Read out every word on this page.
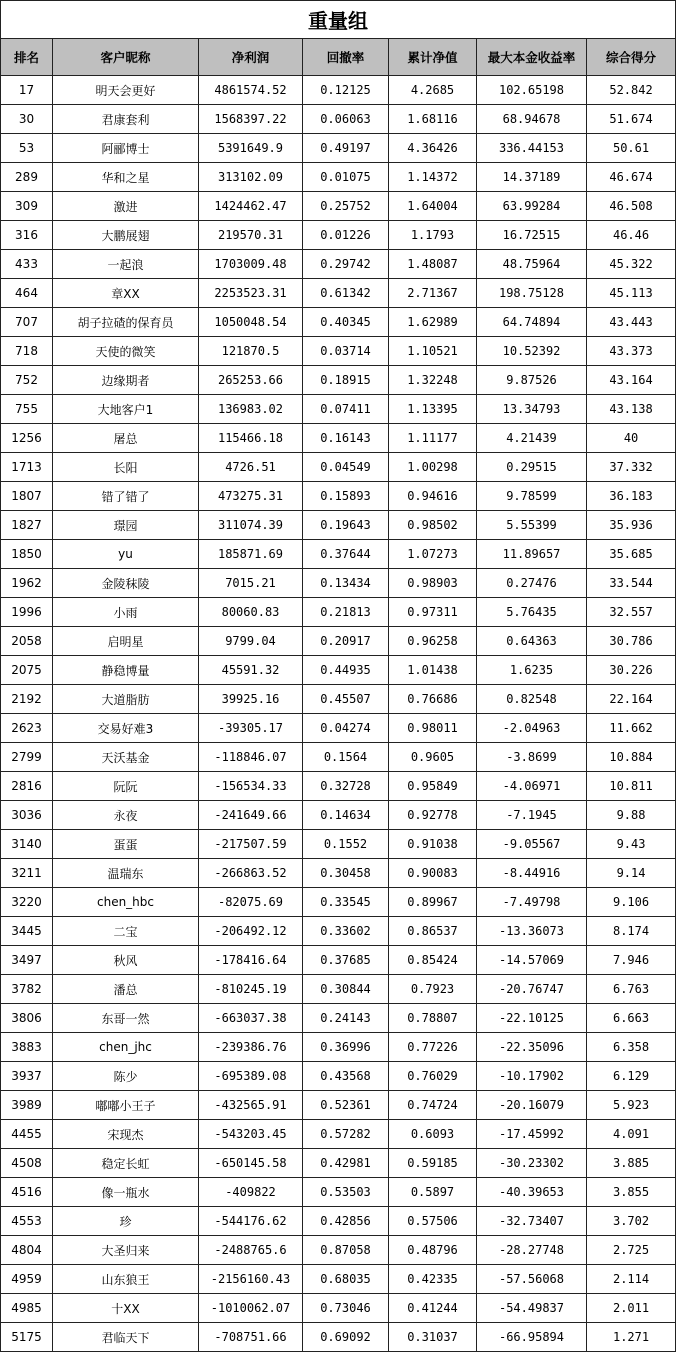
重量组						
排名	客户昵称	净利润	回撤率	累计净值	最大本金收益率	综合得分
17	明天会更好	4861574.52	0.12125	4.2685	102.65198	52.842
30	君康套利	1568397.22	0.06063	1.68116	68.94678	51.674
53	阿郦博士	5391649.9	0.49197	4.36426	336.44153	50.61
289	华和之星	313102.09	0.01075	1.14372	14.37189	46.674
309	激进	1424462.47	0.25752	1.64004	63.99284	46.508
316	大鹏展翅	219570.31	0.01226	1.1793	16.72515	46.46
433	一起浪	1703009.48	0.29742	1.48087	48.75964	45.322
464	章XX	2253523.31	0.61342	2.71367	198.75128	45.113
707	胡子拉碴的保育员	1050048.54	0.40345	1.62989	64.74894	43.443
718	天使的微笑	121870.5	0.03714	1.10521	10.52392	43.373
752	边缘期者	265253.66	0.18915	1.32248	9.87526	43.164
755	大地客户1	136983.02	0.07411	1.13395	13.34793	43.138
1256	屠总	115466.18	0.16143	1.11177	4.21439	40
1713	长阳	4726.51	0.04549	1.00298	0.29515	37.332
1807	错了错了	473275.31	0.15893	0.94616	9.78599	36.183
1827	璟园	311074.39	0.19643	0.98502	5.55399	35.936
1850	yu	185871.69	0.37644	1.07273	11.89657	35.685
1962	金陵秣陵	7015.21	0.13434	0.98903	0.27476	33.544
1996	小雨	80060.83	0.21813	0.97311	5.76435	32.557
2058	启明星	9799.04	0.20917	0.96258	0.64363	30.786
2075	静稳博量	45591.32	0.44935	1.01438	1.6235	30.226
2192	大道脂肪	39925.16	0.45507	0.76686	0.82548	22.164
2623	交易好难3	-39305.17	0.04274	0.98011	-2.04963	11.662
2799	天沃基金	-118846.07	0.1564	0.9605	-3.8699	10.884
2816	阮阮	-156534.33	0.32728	0.95849	-4.06971	10.811
3036	永夜	-241649.66	0.14634	0.92778	-7.1945	9.88
3140	蛋蛋	-217507.59	0.1552	0.91038	-9.05567	9.43
3211	温瑞东	-266863.52	0.30458	0.90083	-8.44916	9.14
3220	chen_hbc	-82075.69	0.33545	0.89967	-7.49798	9.106
3445	二宝	-206492.12	0.33602	0.86537	-13.36073	8.174
3497	秋风	-178416.64	0.37685	0.85424	-14.57069	7.946
3782	潘总	-810245.19	0.30844	0.7923	-20.76747	6.763
3806	东哥一然	-663037.38	0.24143	0.78807	-22.10125	6.663
3883	chen_jhc	-239386.76	0.36996	0.77226	-22.35096	6.358
3937	陈少	-695389.08	0.43568	0.76029	-10.17902	6.129
3989	嘟嘟小王子	-432565.91	0.52361	0.74724	-20.16079	5.923
4455	宋现杰	-543203.45	0.57282	0.6093	-17.45992	4.091
4508	稳定长虹	-650145.58	0.42981	0.59185	-30.23302	3.885
4516	像一瓶水	-409822	0.53503	0.5897	-40.39653	3.855
4553	珍	-544176.62	0.42856	0.57506	-32.73407	3.702
4804	大圣归来	-2488765.6	0.87058	0.48796	-28.27748	2.725
4959	山东狼王	-2156160.43	0.68035	0.42335	-57.56068	2.114
4985	十XX	-1010062.07	0.73046	0.41244	-54.49837	2.011
5175	君临天下	-708751.66	0.69092	0.31037	-66.95894	1.271
